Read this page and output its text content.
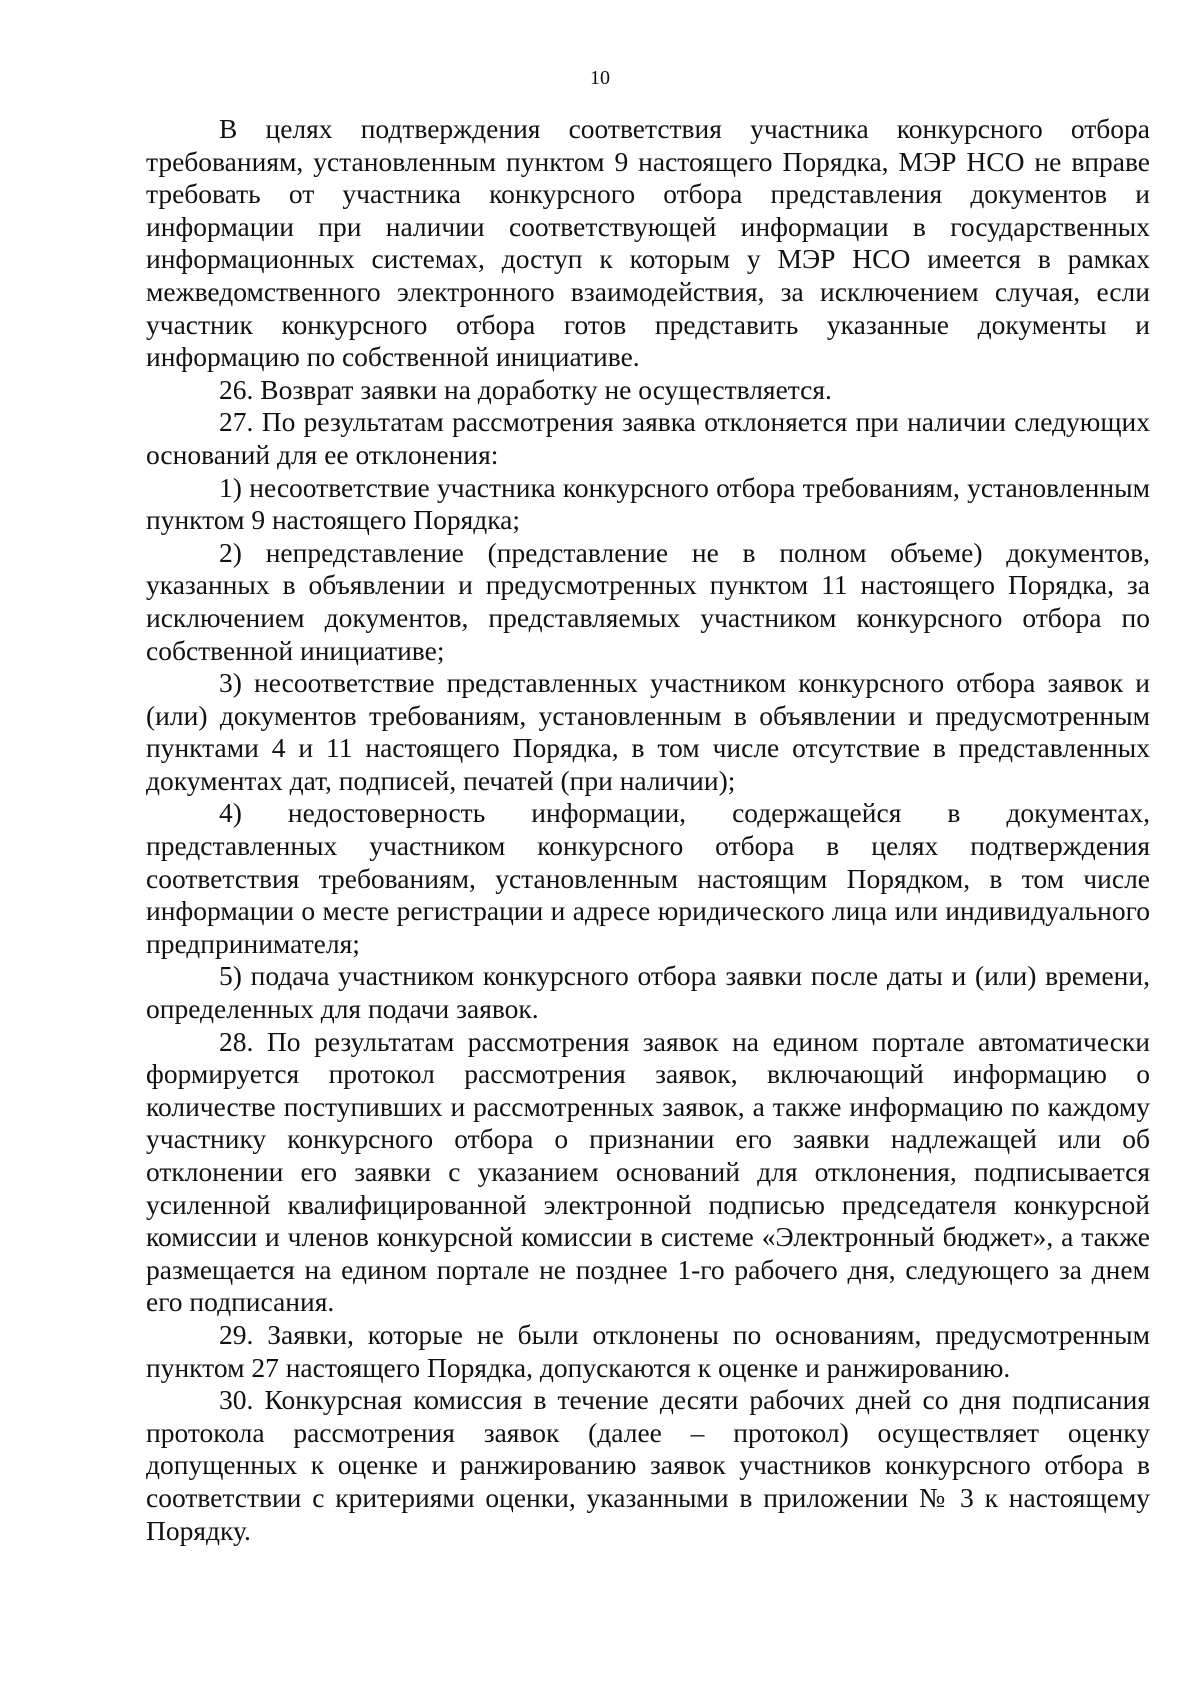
10

В целях подтверждения соответствия участника конкурсного отбора требованиям, установленным пунктом 9 настоящего Порядка, МЭР НСО не вправе требовать от участника конкурсного отбора представления документов и информации при наличии соответствующей информации в государственных информационных системах, доступ к которым у МЭР НСО имеется в рамках межведомственного электронного взаимодействия, за исключением случая, если участник конкурсного отбора готов представить указанные документы и информацию по собственной инициативе.

26. Возврат заявки на доработку не осуществляется.

27. По результатам рассмотрения заявка отклоняется при наличии следующих оснований для ее отклонения:

1) несоответствие участника конкурсного отбора требованиям, установленным пунктом 9 настоящего Порядка;

2) непредставление (представление не в полном объеме) документов, указанных в объявлении и предусмотренных пунктом 11 настоящего Порядка, за исключением документов, представляемых участником конкурсного отбора по собственной инициативе;

3) несоответствие представленных участником конкурсного отбора заявок и (или) документов требованиям, установленным в объявлении и предусмотренным пунктами 4 и 11 настоящего Порядка, в том числе отсутствие в представленных документах дат, подписей, печатей (при наличии);

4) недостоверность информации, содержащейся в документах, представленных участником конкурсного отбора в целях подтверждения соответствия требованиям, установленным настоящим Порядком, в том числе информации о месте регистрации и адресе юридического лица или индивидуального предпринимателя;

5) подача участником конкурсного отбора заявки после даты и (или) времени, определенных для подачи заявок.

28. По результатам рассмотрения заявок на едином портале автоматически формируется протокол рассмотрения заявок, включающий информацию о количестве поступивших и рассмотренных заявок, а также информацию по каждому участнику конкурсного отбора о признании его заявки надлежащей или об отклонении его заявки с указанием оснований для отклонения, подписывается усиленной квалифицированной электронной подписью председателя конкурсной комиссии и членов конкурсной комиссии в системе «Электронный бюджет», а также размещается на едином портале не позднее 1-го рабочего дня, следующего за днем его подписания.

29. Заявки, которые не были отклонены по основаниям, предусмотренным пунктом 27 настоящего Порядка, допускаются к оценке и ранжированию.

30. Конкурсная комиссия в течение десяти рабочих дней со дня подписания протокола рассмотрения заявок (далее – протокол) осуществляет оценку допущенных к оценке и ранжированию заявок участников конкурсного отбора в соответствии с критериями оценки, указанными в приложении № 3 к настоящему Порядку.
